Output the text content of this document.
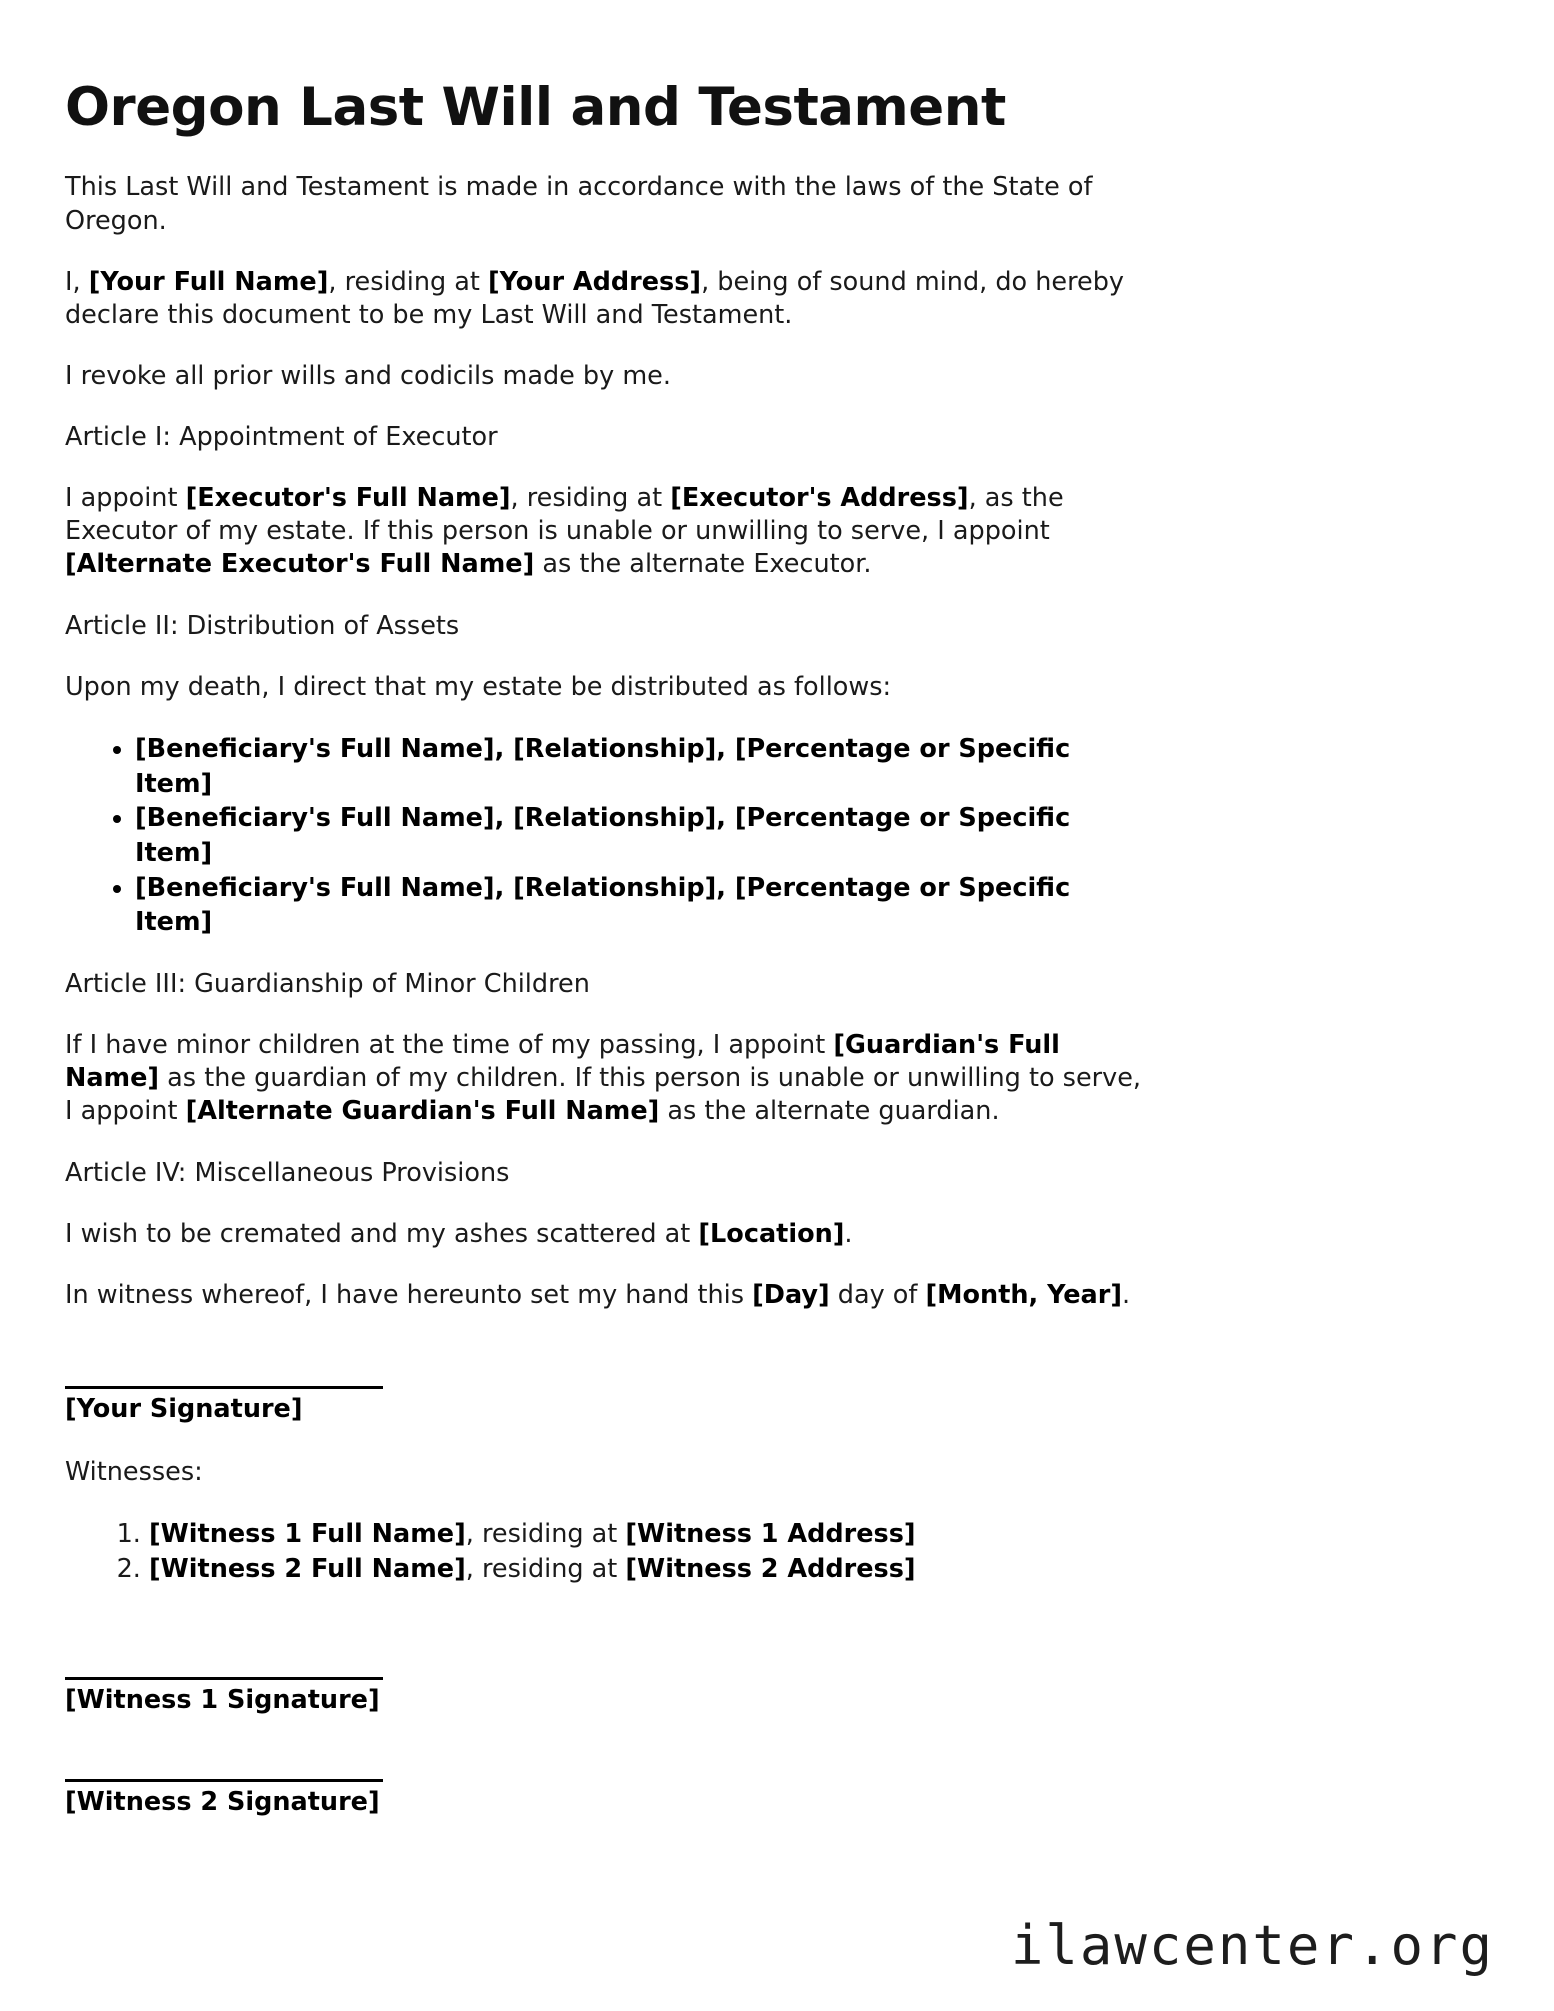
Oregon Last Will and Testament

This Last Will and Testament is made in accordance with the laws of the State of Oregon.

I, [Your Full Name], residing at [Your Address], being of sound mind, do hereby declare this document to be my Last Will and Testament.

I revoke all prior wills and codicils made by me.

Article I: Appointment of Executor

I appoint [Executor's Full Name], residing at [Executor's Address], as the Executor of my estate. If this person is unable or unwilling to serve, I appoint [Alternate Executor's Full Name] as the alternate Executor.

Article II: Distribution of Assets

Upon my death, I direct that my estate be distributed as follows:

• [Beneficiary's Full Name], [Relationship], [Percentage or Specific Item]
• [Beneficiary's Full Name], [Relationship], [Percentage or Specific Item]
• [Beneficiary's Full Name], [Relationship], [Percentage or Specific Item]

Article III: Guardianship of Minor Children

If I have minor children at the time of my passing, I appoint [Guardian's Full Name] as the guardian of my children. If this person is unable or unwilling to serve, I appoint [Alternate Guardian's Full Name] as the alternate guardian.

Article IV: Miscellaneous Provisions

I wish to be cremated and my ashes scattered at [Location].

In witness whereof, I have hereunto set my hand this [Day] day of [Month, Year].

[Your Signature]

Witnesses:

1. [Witness 1 Full Name], residing at [Witness 1 Address]
2. [Witness 2 Full Name], residing at [Witness 2 Address]

[Witness 1 Signature]

[Witness 2 Signature]

ilawcenter.org
